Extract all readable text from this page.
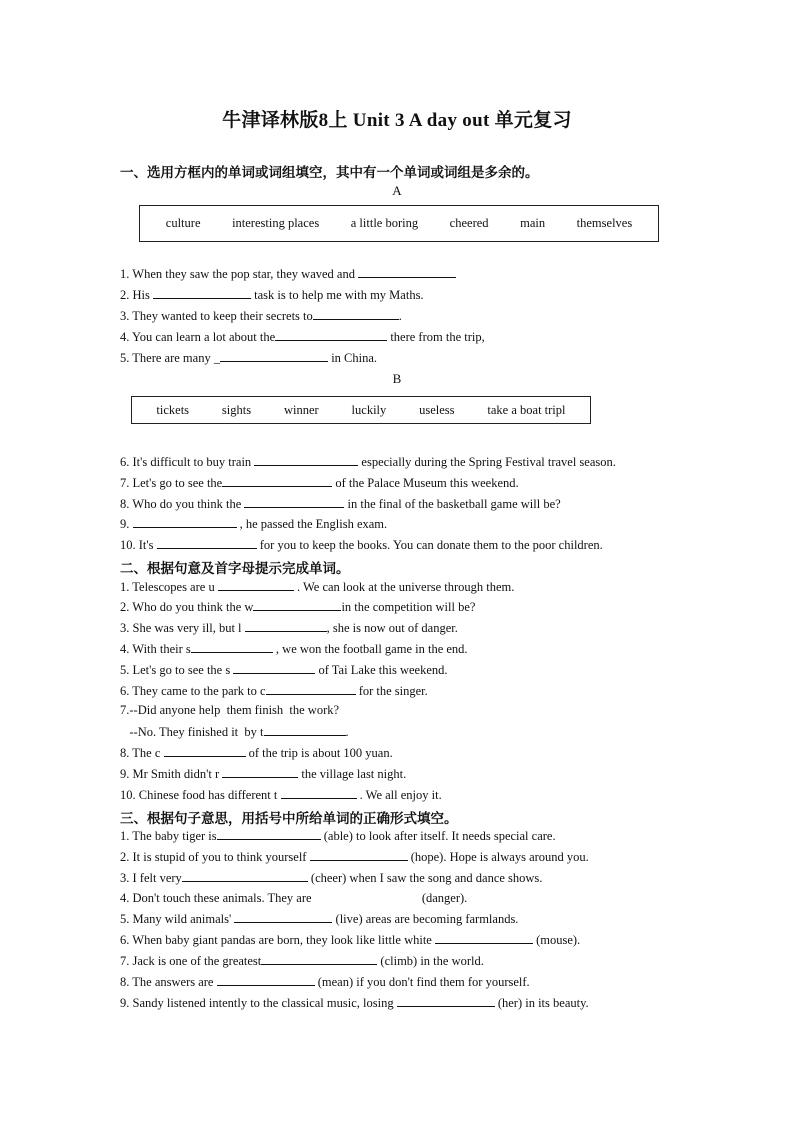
牛津译林版8上 Unit 3 A day out 单元复习
一、选用方框内的单词或词组填空，其中有一个单词或词组是多余的。
A
culture	interesting places	a little boring	cheered	main	themselves
1. When they saw the pop star, they waved and
2. His	task is to help me with my Maths.
3. They wanted to keep their secrets to	.
4. You can learn a lot about the	there from the trip,
5. There are many _	in China.
B
tickets	sights	winner	luckily	useless	take a boat tripl
6. It's difficult to buy train	especially during the Spring Festival travel season.
7. Let's go to see the	of the Palace Museum this weekend.
8. Who do you think the	in the final of the basketball game will be?
9.	, he passed the English exam.
10. It's	for you to keep the books. You can donate them to the poor children.
二、根据句意及首字母提示完成单词。
1. Telescopes are u	. We can look at the universe through them.
2. Who do you think the w	in the competition will be?
3. She was very ill, but l	, she is now out of danger.
4. With their s	, we won the football game in the end.
5. Let's go to see the s	of Tai Lake this weekend.
6. They came to the park to c	for the singer.
7.--Did anyone help  them finish  the work?
--No. They finished it  by t	.
8. The c	of the trip is about 100 yuan.
9. Mr Smith didn't r	the village last night.
10. Chinese food has different t	. We all enjoy it.
三、根据句子意思，用括号中所给单词的正确形式填空。
1. The baby tiger is	(able) to look after itself. It needs special care.
2. It is stupid of you to think yourself	(hope). Hope is always around you.
3. I felt very	(cheer) when I saw the song and dance shows.
4. Don't touch these animals. They are	(danger).
5. Many wild animals'	(live) areas are becoming farmlands.
6. When baby giant pandas are born, they look like little white	(mouse).
7. Jack is one of the greatest	(climb) in the world.
8. The answers are	(mean) if you don't find them for yourself.
9. Sandy listened intently to the classical music, losing	(her) in its beauty.
